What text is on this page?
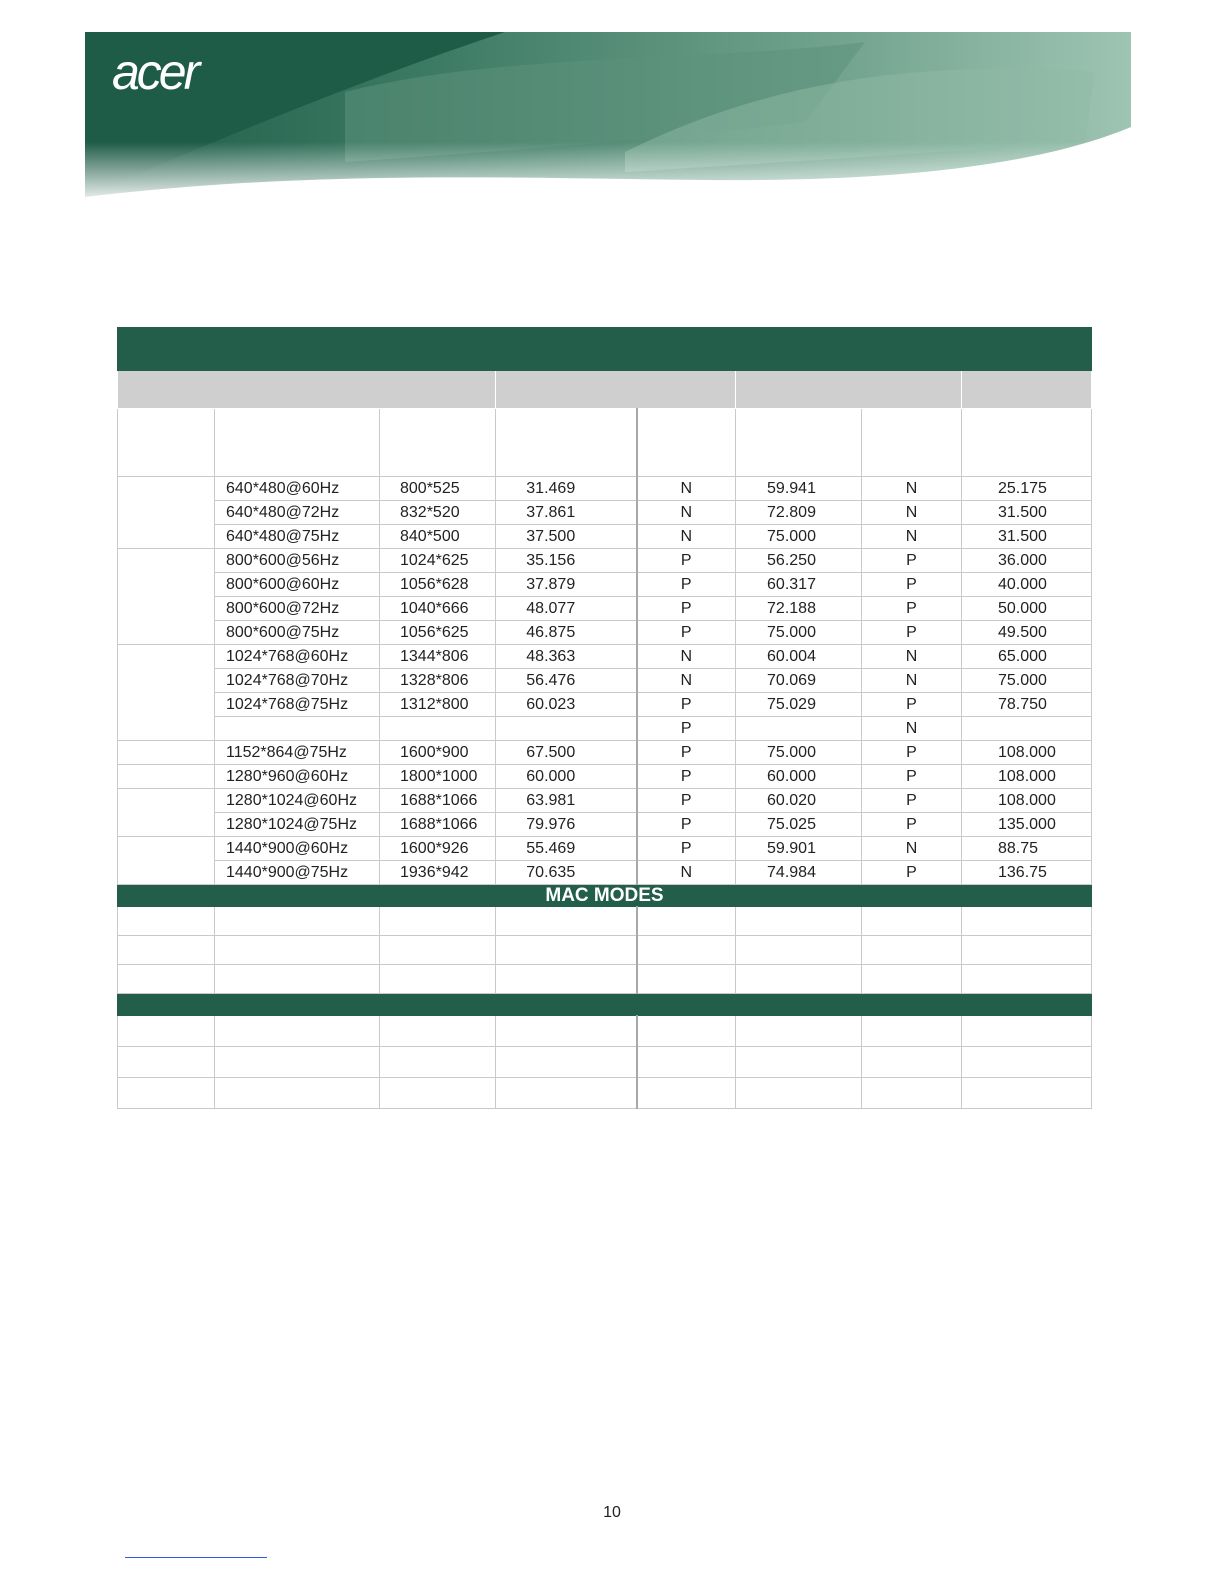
acer

	640*480@60Hz	800*525	31.469	N	59.941	N	25.175
	640*480@72Hz	832*520	37.861	N	72.809	N	31.500
	640*480@75Hz	840*500	37.500	N	75.000	N	31.500
	800*600@56Hz	1024*625	35.156	P	56.250	P	36.000
	800*600@60Hz	1056*628	37.879	P	60.317	P	40.000
	800*600@72Hz	1040*666	48.077	P	72.188	P	50.000
	800*600@75Hz	1056*625	46.875	P	75.000	P	49.500
	1024*768@60Hz	1344*806	48.363	N	60.004	N	65.000
	1024*768@70Hz	1328*806	56.476	N	70.069	N	75.000
	1024*768@75Hz	1312*800	60.023	P	75.029	P	78.750
				P		N	
	1152*864@75Hz	1600*900	67.500	P	75.000	P	108.000
	1280*960@60Hz	1800*1000	60.000	P	60.000	P	108.000
	1280*1024@60Hz	1688*1066	63.981	P	60.020	P	108.000
	1280*1024@75Hz	1688*1066	79.976	P	75.025	P	135.000
	1440*900@60Hz	1600*926	55.469	P	59.901	N	88.75
	1440*900@75Hz	1936*942	70.635	N	74.984	P	136.75
MAC MODES							

10
